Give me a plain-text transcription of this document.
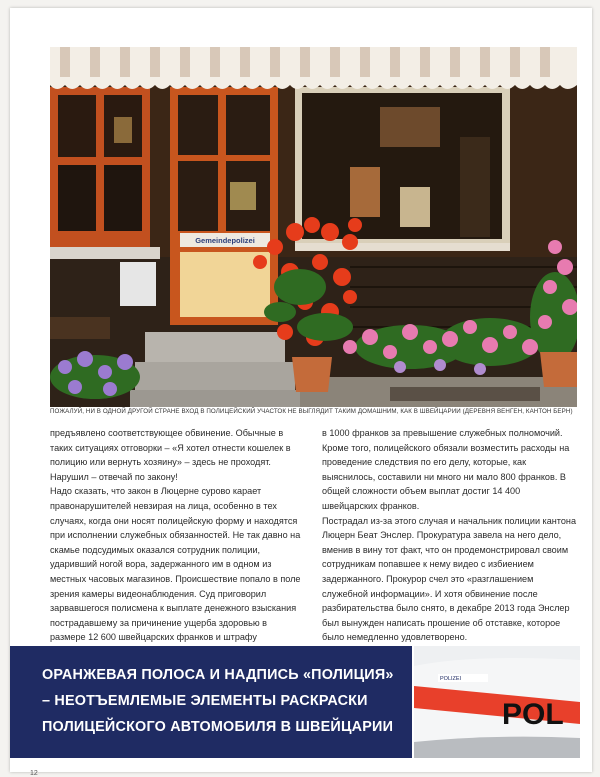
Gemeindepolizei
ПОЖАЛУЙ, НИ В ОДНОЙ ДРУГОЙ СТРАНЕ ВХОД В ПОЛИЦЕЙСКИЙ УЧАСТОК НЕ ВЫГЛЯДИТ ТАКИМ ДОМАШНИМ, КАК В ШВЕЙЦАРИИ (ДЕРЕВНЯ ВЕНГЕН, КАНТОН БЕРН)

предъявлено соответствующее обвинение. Обычные в таких ситуациях отговорки – «Я хотел отнести кошелек в полицию или вернуть хозяину» – здесь не проходят. Нарушил – отвечай по закону!

Надо сказать, что закон в Люцерне сурово карает правонарушителей невзирая на лица, особенно в тех случаях, когда они носят полицейскую форму и находятся при исполнении служебных обязанностей. Не так давно на скамье подсудимых оказался сотрудник полиции, ударивший ногой вора, задержанного им в одном из местных часовых магазинов. Происшествие попало в поле зрения камеры видеонаблюдения. Суд приговорил зарвавшегося полисмена к выплате денежного взыскания пострадавшему за причинение ущерба здоровью в размере 12 600 швейцарских франков и штрафу

в 1000 франков за превышение служебных полномочий. Кроме того, полицейского обязали возместить расходы на проведение следствия по его делу, которые, как выяснилось, составили ни много ни мало 800 франков. В общей сложности объем выплат достиг 14 400 швейцарских франков.

Пострадал из-за этого случая и начальник полиции кантона Люцерн Беат Энслер. Прокуратура завела на него дело, вменив в вину тот факт, что он продемонстрировал своим сотрудникам попавшее к нему видео с избиением задержанного. Прокурор счел это «разглашением служебной информации». И хотя обвинение после разбирательства было снято, в декабре 2013 года Энслер был вынужден написать прошение об отставке, которое было немедленно удовлетворено.

ОРАНЖЕВАЯ ПОЛОСА И НАДПИСЬ «ПОЛИЦИЯ» – НЕОТЪЕМЛЕМЫЕ ЭЛЕМЕНТЫ РАСКРАСКИ ПОЛИЦЕЙСКОГО АВТОМОБИЛЯ В ШВЕЙЦАРИИ
POLIZEI
POL
12
